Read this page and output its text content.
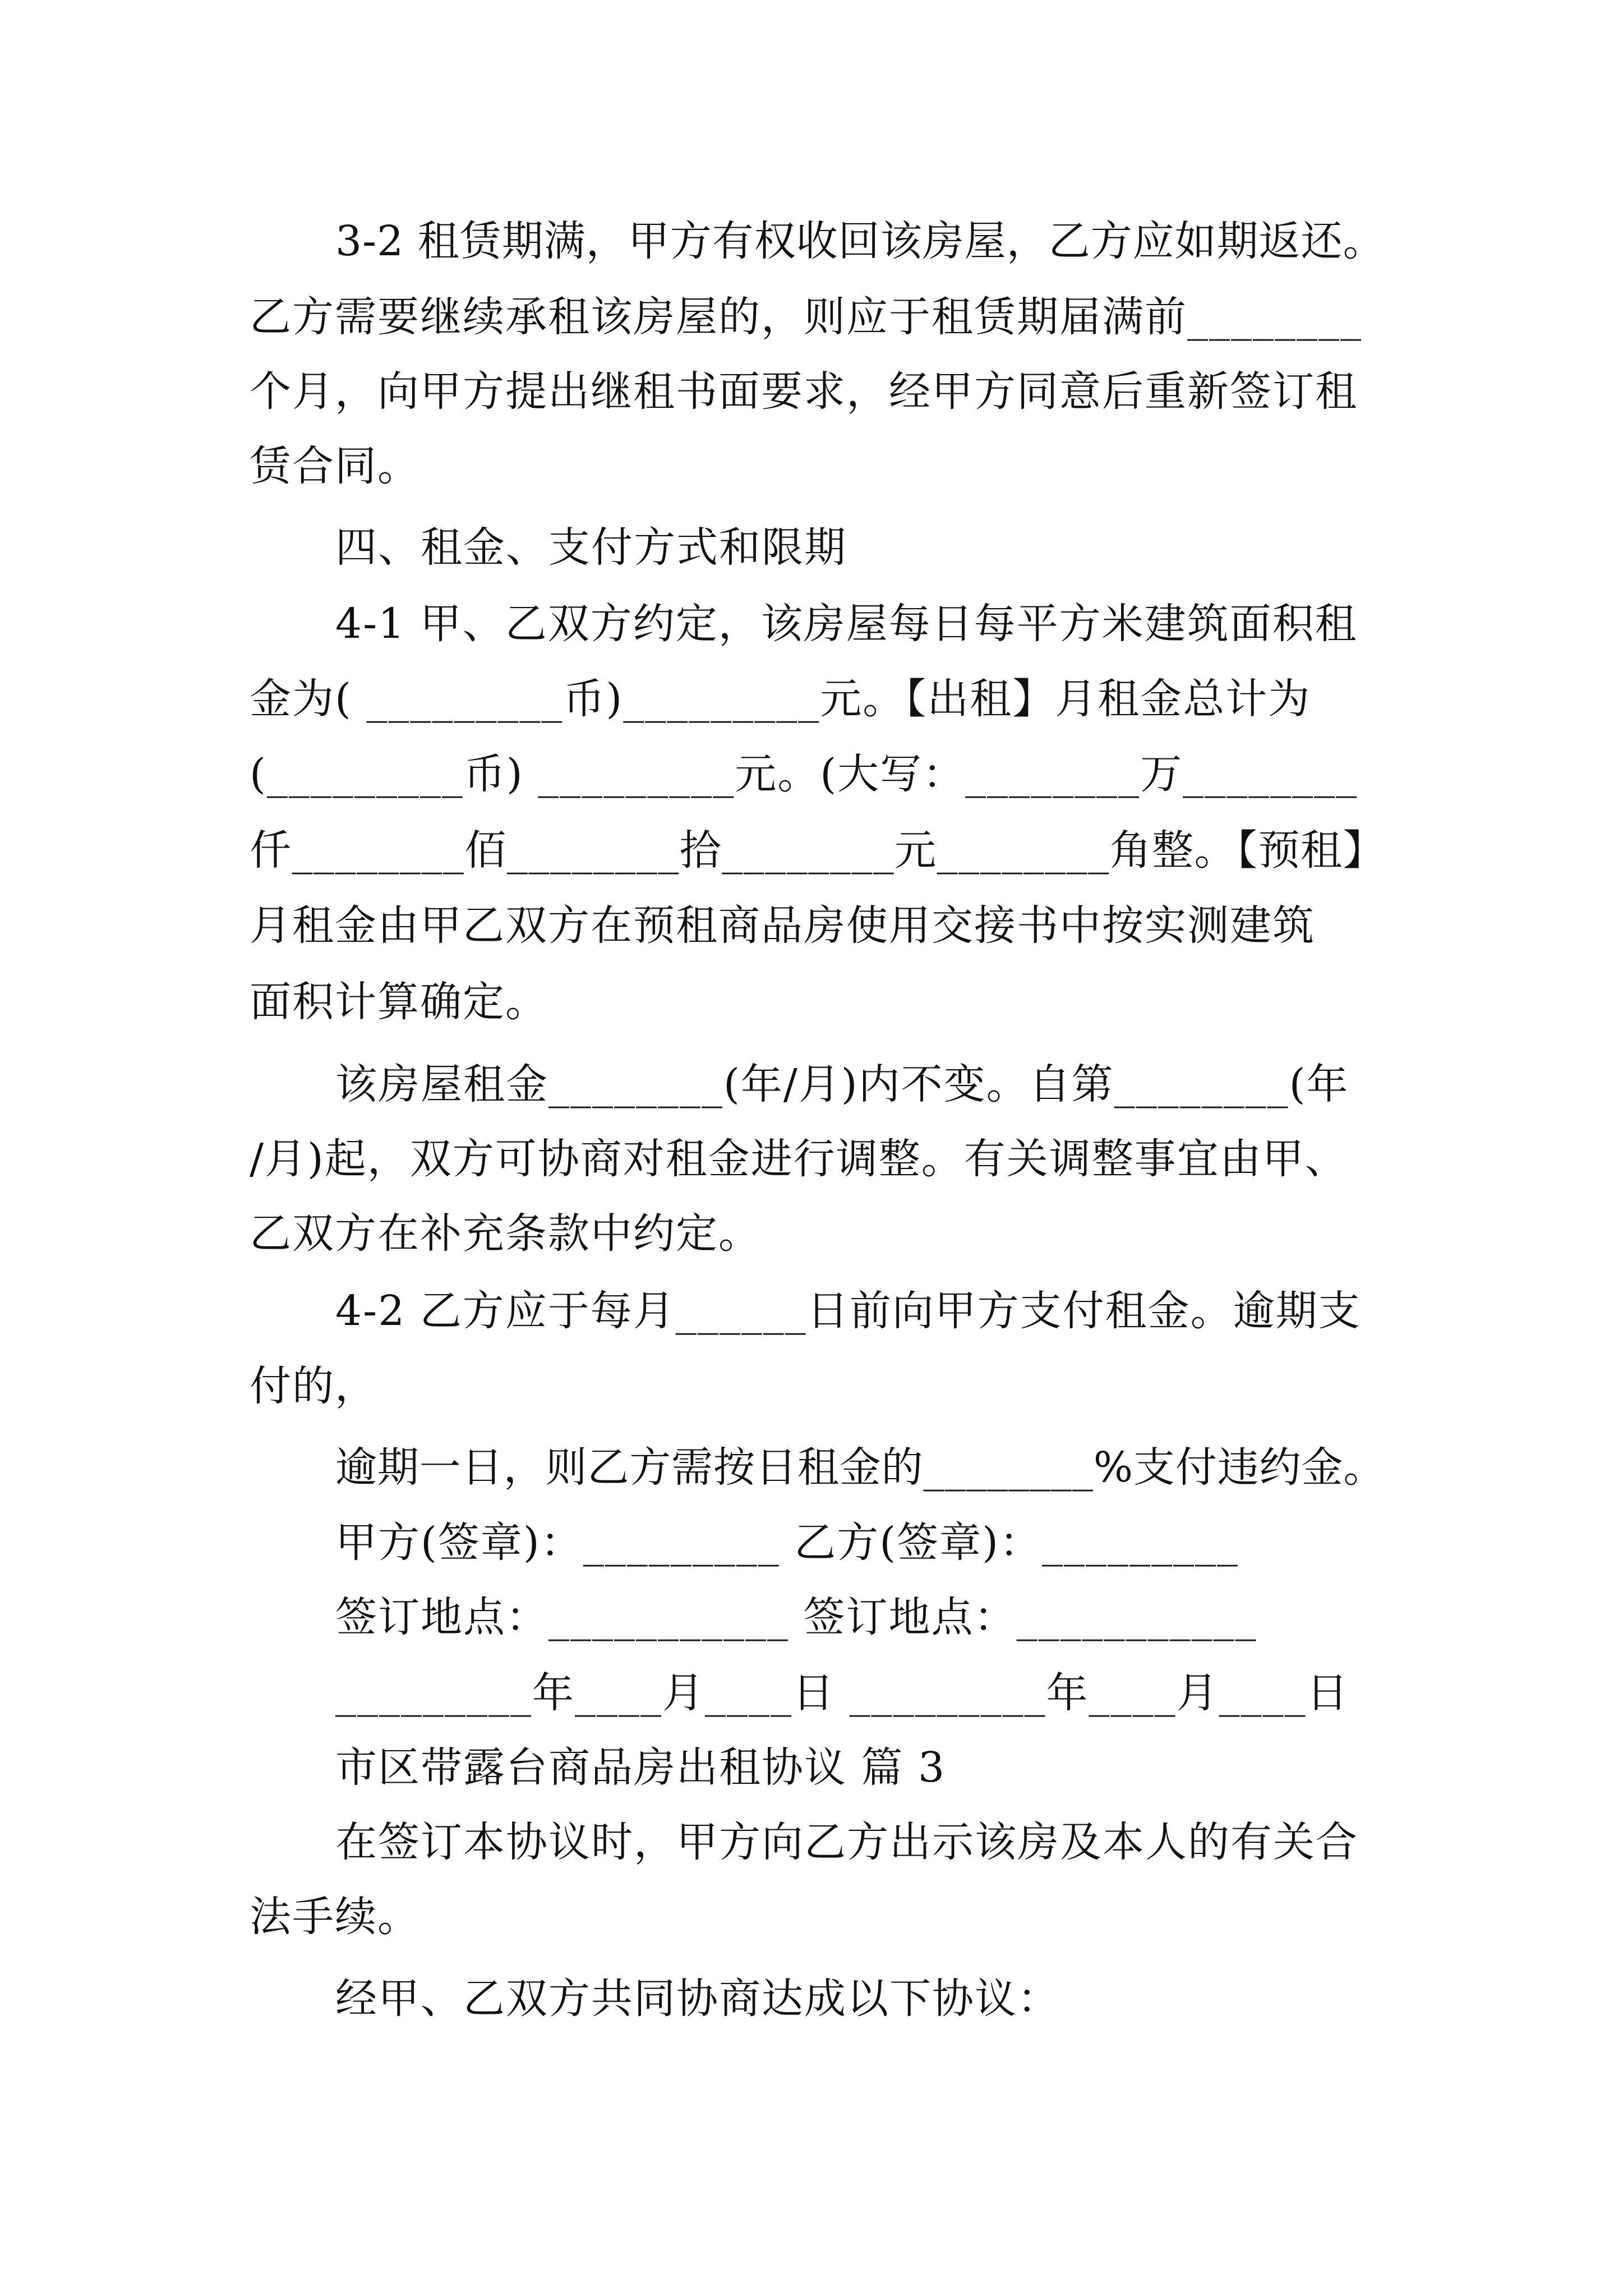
3-2 租赁期满，甲方有权收回该房屋，乙方应如期返还。
乙方需要继续承租该房屋的，则应于租赁期届满前________
个月，向甲方提出继租书面要求，经甲方同意后重新签订租
赁合同。
四、租金、支付方式和限期
4-1 甲、乙双方约定，该房屋每日每平方米建筑面积租
金为( _________币)_________元。【出租】月租金总计为
(_________币) _________元。(大写：________万________
仟________佰________拾________元________角整。【预租】
月租金由甲乙双方在预租商品房使用交接书中按实测建筑
面积计算确定。
该房屋租金________(年/月)内不变。自第________(年
/月)起，双方可协商对租金进行调整。有关调整事宜由甲、
乙双方在补充条款中约定。
4-2 乙方应于每月______日前向甲方支付租金。逾期支
付的，
逾期一日，则乙方需按日租金的________%支付违约金。
甲方(签章)：_________ 乙方(签章)：_________
签订地点：___________ 签订地点：___________
_________年____月____日 _________年____月____日
市区带露台商品房出租协议 篇 3
在签订本协议时，甲方向乙方出示该房及本人的有关合
法手续。
经甲、乙双方共同协商达成以下协议：
